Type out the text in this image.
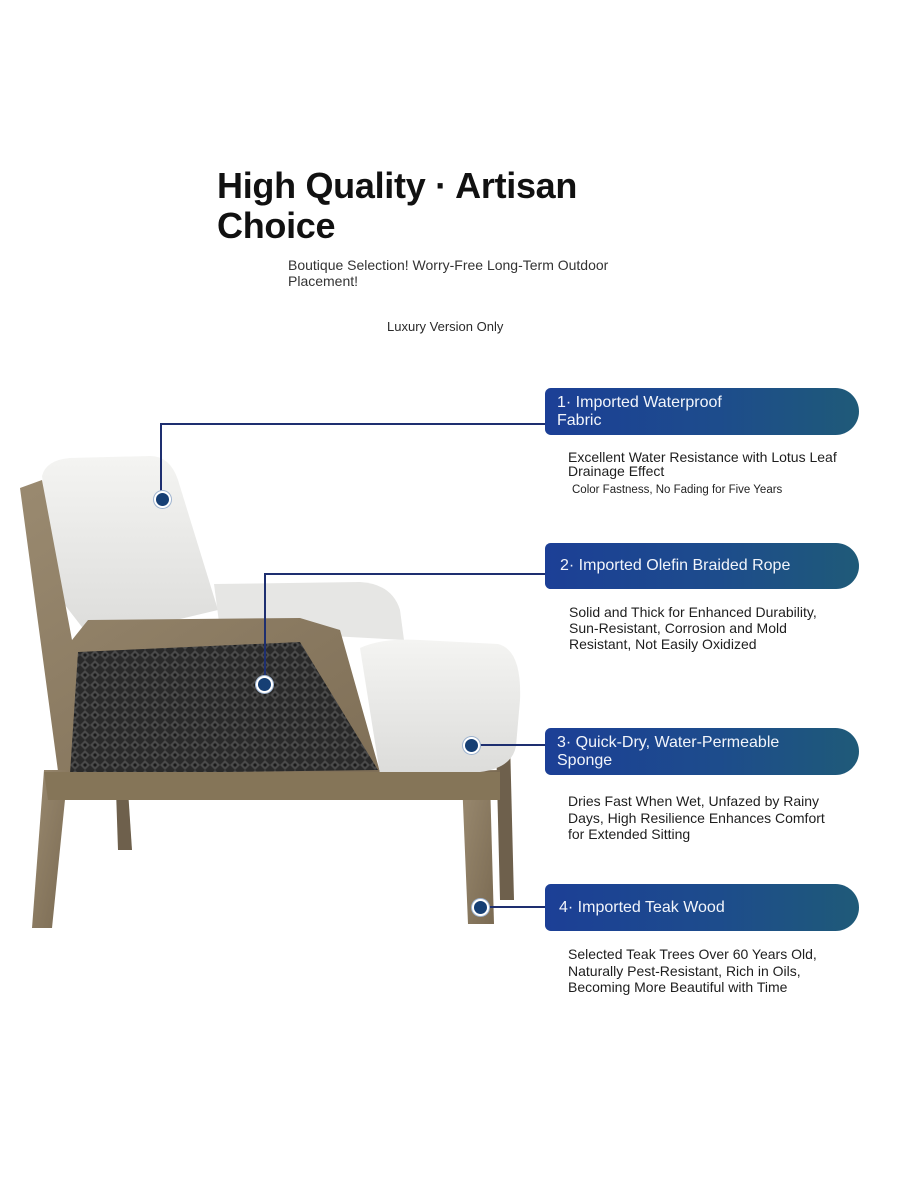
High Quality · Artisan Choice
Boutique Selection! Worry-Free Long-Term Outdoor Placement!
Luxury Version Only
1· Imported Waterproof Fabric
Excellent Water Resistance with Lotus Leaf Drainage Effect
Color Fastness, No Fading for Five Years
2· Imported Olefin Braided Rope
Solid and Thick for Enhanced Durability, Sun-Resistant, Corrosion and Mold Resistant, Not Easily Oxidized
3· Quick-Dry, Water-Permeable Sponge
Dries Fast When Wet, Unfazed by Rainy Days, High Resilience Enhances Comfort for Extended Sitting
4· Imported Teak Wood
Selected Teak Trees Over 60 Years Old, Naturally Pest-Resistant, Rich in Oils, Becoming More Beautiful with Time
